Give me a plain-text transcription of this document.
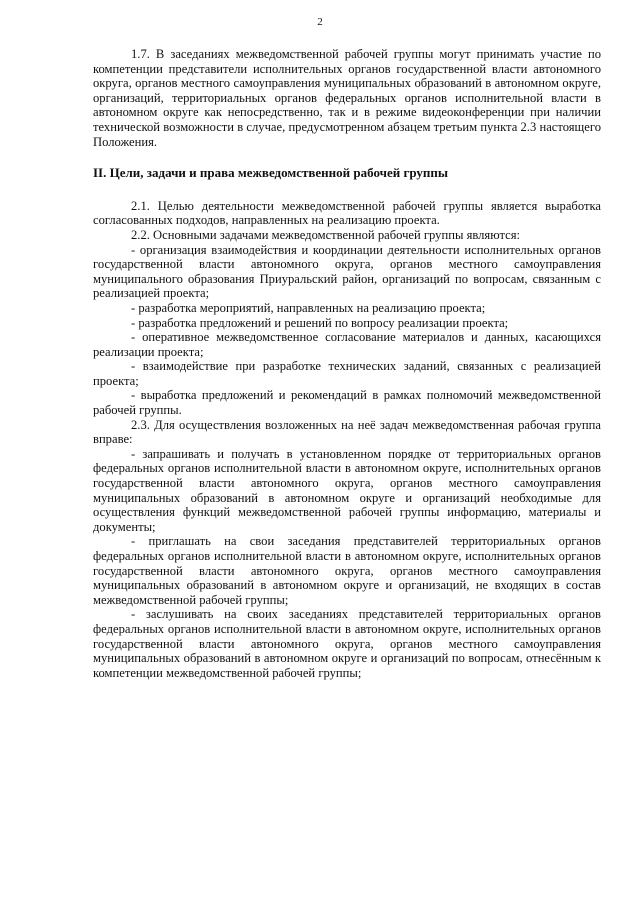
2

1.7. В заседаниях межведомственной рабочей группы могут принимать участие по компетенции представители исполнительных органов государственной власти автономного округа, органов местного самоуправления муниципальных образований в автономном округе, организаций, территориальных органов федеральных органов исполнительной власти в автономном округе как непосредственно, так и в режиме видеоконференции при наличии технической возможности в случае, предусмотренном абзацем третьим пункта 2.3 настоящего Положения.

II. Цели, задачи и права межведомственной рабочей группы

2.1. Целью деятельности межведомственной рабочей группы является выработка согласованных подходов, направленных на реализацию проекта.

2.2. Основными задачами межведомственной рабочей группы являются:

- организация взаимодействия и координации деятельности исполнительных органов государственной власти автономного округа, органов местного самоуправления муниципального образования Приуральский район, организаций по вопросам, связанным с реализацией проекта;

- разработка мероприятий, направленных на реализацию проекта;

- разработка предложений и решений по вопросу реализации проекта;

- оперативное межведомственное согласование материалов и данных, касающихся реализации проекта;

- взаимодействие при разработке технических заданий, связанных с реализацией проекта;

- выработка предложений и рекомендаций в рамках полномочий межведомственной рабочей группы.

2.3. Для осуществления возложенных на неё задач межведомственная рабочая группа вправе:

- запрашивать и получать в установленном порядке от территориальных органов федеральных органов исполнительной власти в автономном округе, исполнительных органов государственной власти автономного округа, органов местного самоуправления муниципальных образований в автономном округе и организаций необходимые для осуществления функций межведомственной рабочей группы информацию, материалы и документы;

- приглашать на свои заседания представителей территориальных органов федеральных органов исполнительной власти в автономном округе, исполнительных органов государственной власти автономного округа, органов местного самоуправления муниципальных образований в автономном округе и организаций, не входящих в состав межведомственной рабочей группы;

- заслушивать на своих заседаниях представителей территориальных органов федеральных органов исполнительной власти в автономном округе, исполнительных органов государственной власти автономного округа, органов местного самоуправления муниципальных образований в автономном округе и организаций по вопросам, отнесённым к компетенции межведомственной рабочей группы;
